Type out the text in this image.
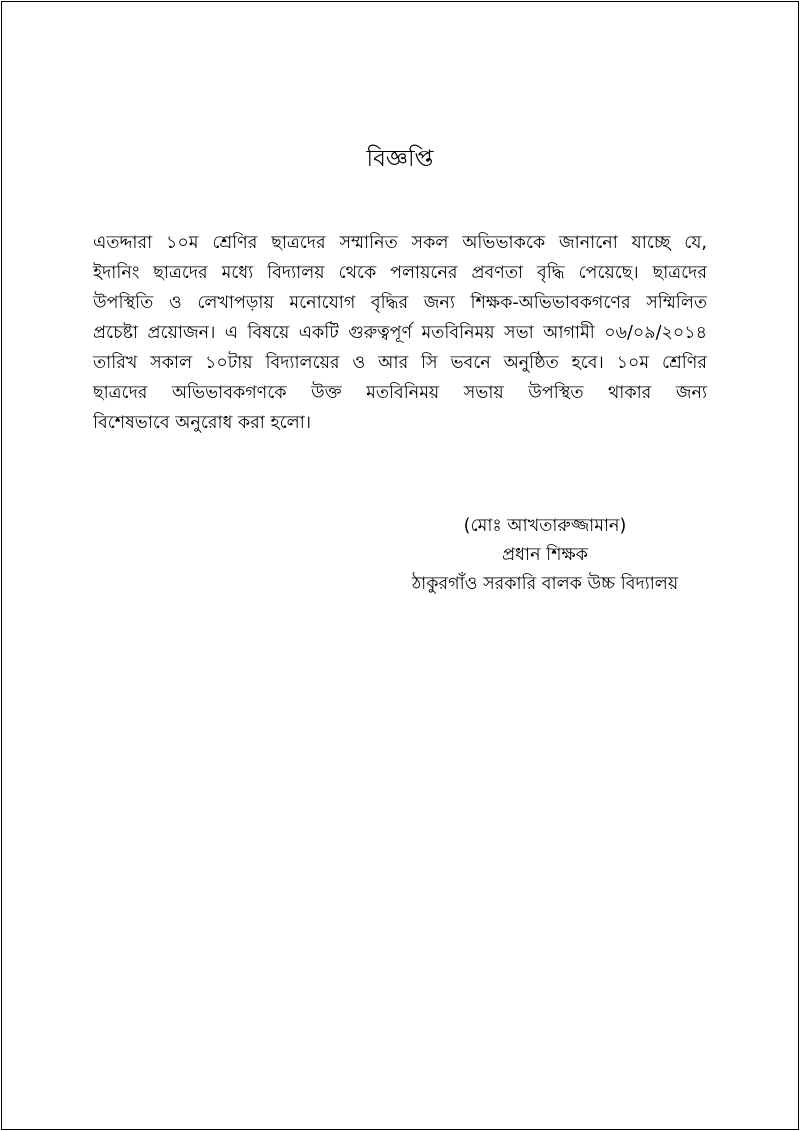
বিজ্ঞপ্তি
এতদ্দারা ১০ম শ্রেণির ছাত্রদের সম্মানিত সকল অভিভাককে জানানো যাচ্ছে যে,
ইদানিং ছাত্রদের মধ্যে বিদ্যালয় থেকে পলায়নের প্রবণতা বৃদ্ধি পেয়েছে। ছাত্রদের
উপস্থিতি ও লেখাপড়ায় মনোযোগ বৃদ্ধির জন্য শিক্ষক-অভিভাবকগণের সম্মিলিত
প্রচেষ্টা প্রয়োজন। এ বিষয়ে একটি গুরুত্বপূর্ণ মতবিনিময় সভা আগামী ০৬/০৯/২০১৪
তারিখ সকাল ১০টায় বিদ্যালয়ের ও আর সি ভবনে অনুষ্ঠিত হবে। ১০ম শ্রেণির
ছাত্রদের অভিভাবকগণকে উক্ত মতবিনিময় সভায় উপস্থিত থাকার জন্য
বিশেষভাবে অনুরোধ করা হলো।
(মোঃ আখতারুজ্জামান)
প্রধান শিক্ষক
ঠাকুরগাঁও সরকারি বালক উচ্চ বিদ্যালয়
